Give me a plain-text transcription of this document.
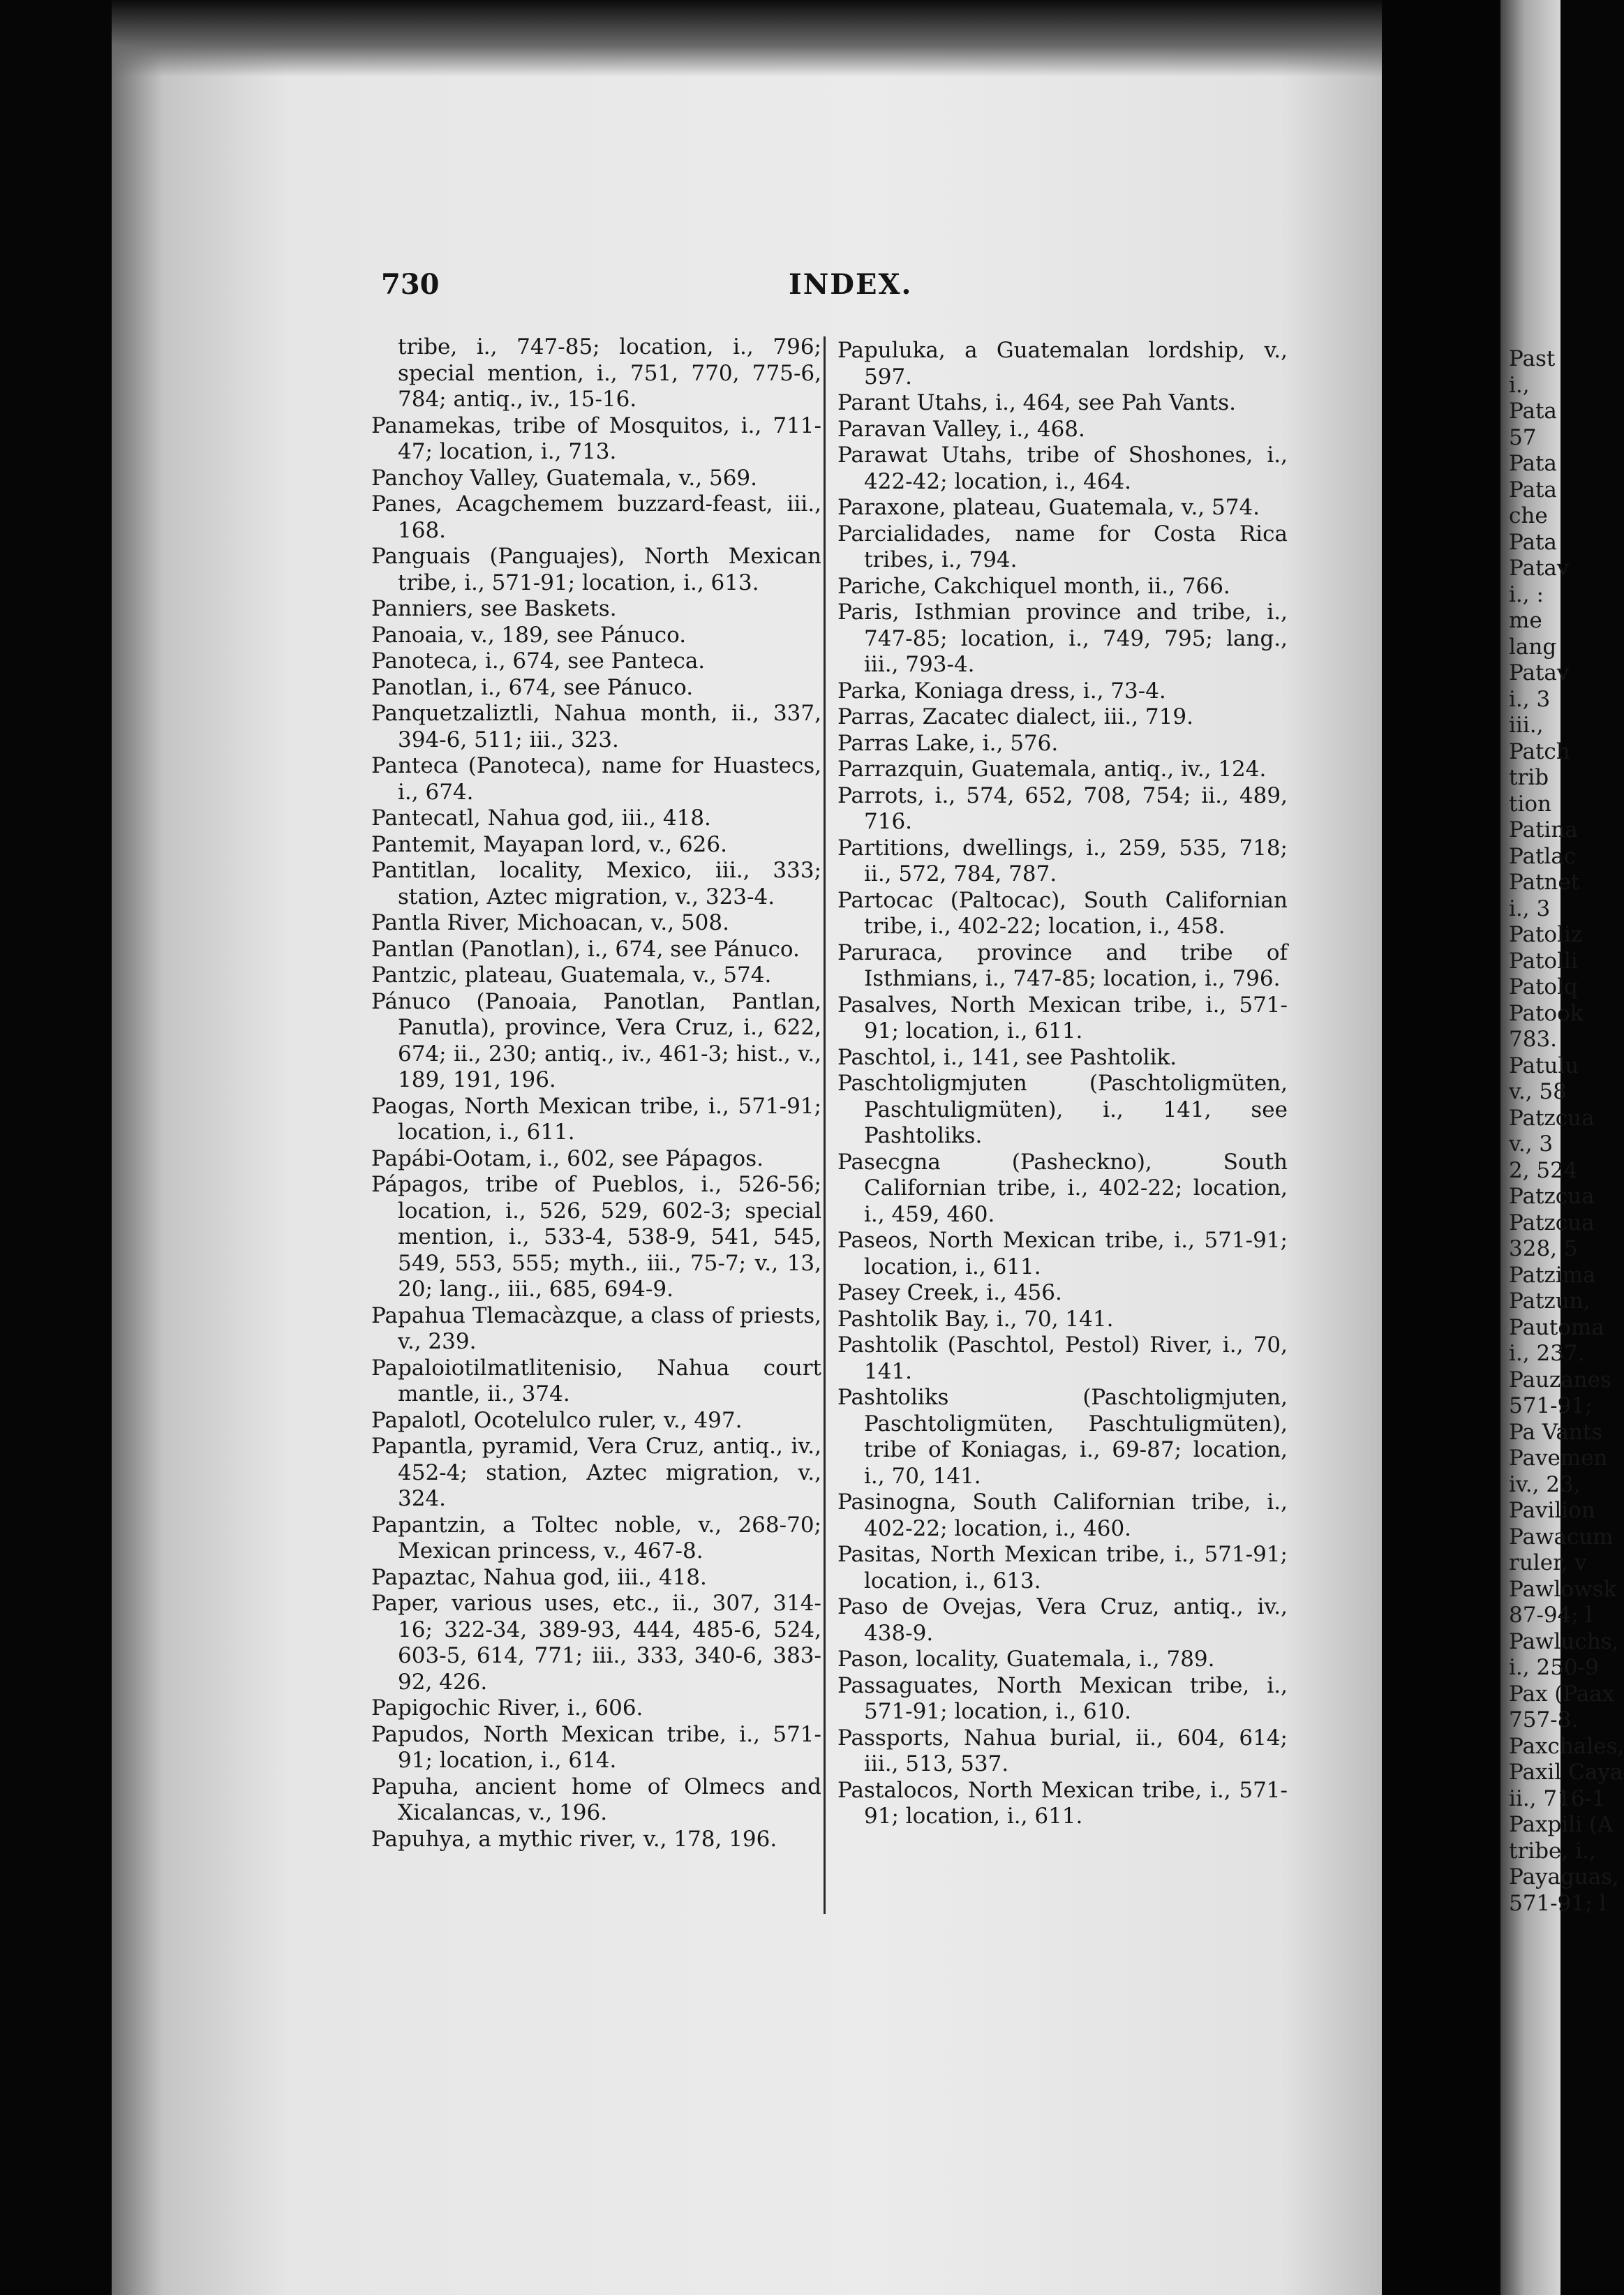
Past
i.,
Pata
57
Pata
Pata
che
Pata
Patav
i., :
me
lang
Patav
i., 3
iii.,
Patch
trib
tion
Patina
Patlac
Patnet
i., 3
Patoliz
Patolli
Patolq
Patook
783.
Patulu
v., 58
Patzcua
v., 3
2, 524
Patzcua
Patzcua
328, 5
Patzima
Patzun,
Pautoma
i., 237.
Pauzanes
571-91;
Pa Vants
Pavemen
iv., 23,
Pavilion
Pawacum
ruler, v
Pawlowsk
87-94; l
Pawluchs,
i., 250-9
Pax (Paax
757-8.
Paxchales,
Paxil Caya
ii., 716-1
Paxpili (A
tribe, i.,
Payaguas,
571-91; l
730	INDEX.
tribe, i., 747-85; location, i., 796; special mention, i., 751, 770, 775-6, 784; antiq., iv., 15-16.
Panamekas, tribe of Mosquitos, i., 711-47; location, i., 713.
Panchoy Valley, Guatemala, v., 569.
Panes, Acagchemem buzzard-feast, iii., 168.
Panguais (Panguajes), North Mexican tribe, i., 571-91; location, i., 613.
Panniers, see Baskets.
Panoaia, v., 189, see Pánuco.
Panoteca, i., 674, see Panteca.
Panotlan, i., 674, see Pánuco.
Panquetzaliztli, Nahua month, ii., 337, 394-6, 511; iii., 323.
Panteca (Panoteca), name for Huastecs, i., 674.
Pantecatl, Nahua god, iii., 418.
Pantemit, Mayapan lord, v., 626.
Pantitlan, locality, Mexico, iii., 333; station, Aztec migration, v., 323-4.
Pantla River, Michoacan, v., 508.
Pantlan (Panotlan), i., 674, see Pánuco.
Pantzic, plateau, Guatemala, v., 574.
Pánuco (Panoaia, Panotlan, Pantlan, Panutla), province, Vera Cruz, i., 622, 674; ii., 230; antiq., iv., 461-3; hist., v., 189, 191, 196.
Paogas, North Mexican tribe, i., 571-91; location, i., 611.
Papábi-Ootam, i., 602, see Pápagos.
Pápagos, tribe of Pueblos, i., 526-56; location, i., 526, 529, 602-3; special mention, i., 533-4, 538-9, 541, 545, 549, 553, 555; myth., iii., 75-7; v., 13, 20; lang., iii., 685, 694-9.
Papahua Tlemacàzque, a class of priests, v., 239.
Papaloiotilmatlitenisio, Nahua court mantle, ii., 374.
Papalotl, Ocotelulco ruler, v., 497.
Papantla, pyramid, Vera Cruz, antiq., iv., 452-4; station, Aztec migration, v., 324.
Papantzin, a Toltec noble, v., 268-70; Mexican princess, v., 467-8.
Papaztac, Nahua god, iii., 418.
Paper, various uses, etc., ii., 307, 314-16; 322-34, 389-93, 444, 485-6, 524, 603-5, 614, 771; iii., 333, 340-6, 383-92, 426.
Papigochic River, i., 606.
Papudos, North Mexican tribe, i., 571-91; location, i., 614.
Papuha, ancient home of Olmecs and Xicalancas, v., 196.
Papuhya, a mythic river, v., 178, 196.
Papuluka, a Guatemalan lordship, v., 597.
Parant Utahs, i., 464, see Pah Vants.
Paravan Valley, i., 468.
Parawat Utahs, tribe of Shoshones, i., 422-42; location, i., 464.
Paraxone, plateau, Guatemala, v., 574.
Parcialidades, name for Costa Rica tribes, i., 794.
Pariche, Cakchiquel month, ii., 766.
Paris, Isthmian province and tribe, i., 747-85; location, i., 749, 795; lang., iii., 793-4.
Parka, Koniaga dress, i., 73-4.
Parras, Zacatec dialect, iii., 719.
Parras Lake, i., 576.
Parrazquin, Guatemala, antiq., iv., 124.
Parrots, i., 574, 652, 708, 754; ii., 489, 716.
Partitions, dwellings, i., 259, 535, 718; ii., 572, 784, 787.
Partocac (Paltocac), South Californian tribe, i., 402-22; location, i., 458.
Paruraca, province and tribe of Isthmians, i., 747-85; location, i., 796.
Pasalves, North Mexican tribe, i., 571-91; location, i., 611.
Paschtol, i., 141, see Pashtolik.
Paschtoligmjuten (Paschtoligmüten, Paschtuligmüten), i., 141, see Pashtoliks.
Pasecgna (Pasheckno), South Californian tribe, i., 402-22; location, i., 459, 460.
Paseos, North Mexican tribe, i., 571-91; location, i., 611.
Pasey Creek, i., 456.
Pashtolik Bay, i., 70, 141.
Pashtolik (Paschtol, Pestol) River, i., 70, 141.
Pashtoliks (Paschtoligmjuten, Paschtoligmüten, Paschtuligmüten), tribe of Koniagas, i., 69-87; location, i., 70, 141.
Pasinogna, South Californian tribe, i., 402-22; location, i., 460.
Pasitas, North Mexican tribe, i., 571-91; location, i., 613.
Paso de Ovejas, Vera Cruz, antiq., iv., 438-9.
Pason, locality, Guatemala, i., 789.
Passaguates, North Mexican tribe, i., 571-91; location, i., 610.
Passports, Nahua burial, ii., 604, 614; iii., 513, 537.
Pastalocos, North Mexican tribe, i., 571-91; location, i., 611.
